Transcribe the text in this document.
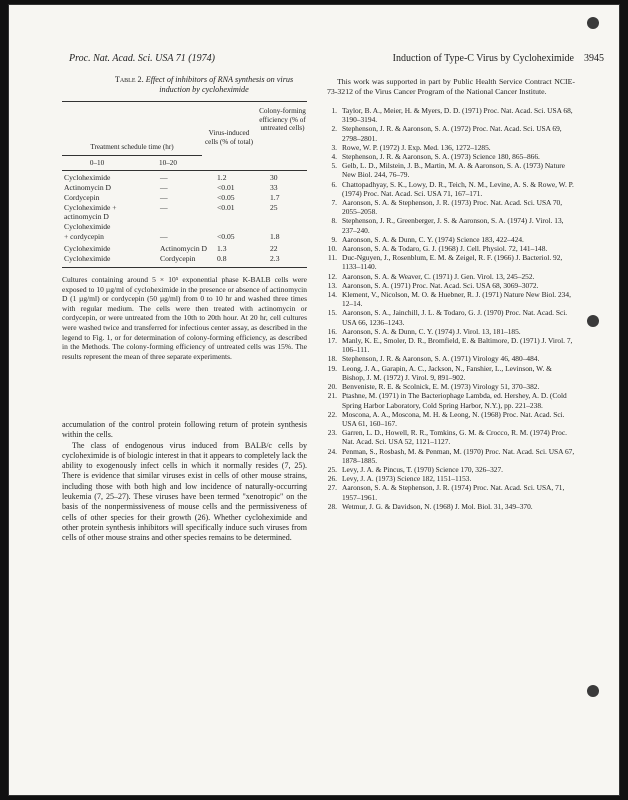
Proc. Nat. Acad. Sci. USA 71 (1974)	Induction of Type-C Virus by Cycloheximide 3945
Table 2. Effect of inhibitors of RNA synthesis on virus induction by cycloheximide
Treatment schedule time (hr)
0–10	10–20
Virus-induced cells (% of total)
Colony-forming efficiency (% of untreated cells)
Cycloheximide	—	1.2	30
Actinomycin D	—	<0.01	33
Cordycepin	—	<0.05	1.7
Cycloheximide +	—	<0.01	25
actinomycin D
Cycloheximide
+ cordycepin	—	<0.05	1.8
Cycloheximide	Actinomycin D 1.3	22
Cycloheximide	Cordycepin	0.8	2.3
Cultures containing around 5 × 10⁵ exponential phase K-BALB cells were exposed to 10 µg/ml of cycloheximide in the presence or absence of actinomycin D (1 µg/ml) or cordycepin (50 µg/ml) from 0 to 10 hr and washed three times with regular medium. The cells were then treated with actinomycin or cordycepin, or were untreated from the 10th to 20th hour. At 20 hr, cell cultures were washed twice and transferred for infectious center assay, as described in the legend to Fig. 1, or for determination of colony-forming efficiency, as described in the Methods. The colony-forming efficiency of untreated cells was 15%. The results represent the mean of three separate experiments.

accumulation of the control protein following return of protein synthesis within the cells.

The class of endogenous virus induced from BALB/c cells by cycloheximide is of biologic interest in that it appears to completely lack the ability to exogenously infect cells in which it normally resides (7, 25). There is evidence that similar viruses exist in cells of other mouse strains, including those with both high and low incidence of naturally-occurring leukemia (7, 25–27). These viruses have been termed "xenotropic" on the basis of the nonpermissiveness of mouse cells and the permissiveness of cells of other species for their growth (26). Whether cycloheximide and other protein synthesis inhibitors will specifically induce such viruses from cells of other mouse strains and other species remains to be determined.

This work was supported in part by Public Health Service Contract NCIE-73-3212 of the Virus Cancer Program of the National Cancer Institute.
1. Taylor, B. A., Meier, H. & Myers, D. D. (1971) Proc. Nat. Acad. Sci. USA 68, 3190–3194.
2. Stephenson, J. R. & Aaronson, S. A. (1972) Proc. Nat. Acad. Sci. USA 69, 2798–2801.
3. Rowe, W. P. (1972) J. Exp. Med. 136, 1272–1285.
4. Stephenson, J. R. & Aaronson, S. A. (1973) Science 180, 865–866.
5. Gelb, L. D., Milstein, J. B., Martin, M. A. & Aaronson, S. A. (1973) Nature New Biol. 244, 76–79.
6. Chattopadhyay, S. K., Lowy, D. R., Teich, N. M., Levine, A. S. & Rowe, W. P. (1974) Proc. Nat. Acad. Sci. USA 71, 167–171.
7. Aaronson, S. A. & Stephenson, J. R. (1973) Proc. Nat. Acad. Sci. USA 70, 2055–2058.
8. Stephenson, J. R., Greenberger, J. S. & Aaronson, S. A. (1974) J. Virol. 13, 237–240.
9. Aaronson, S. A. & Dunn, C. Y. (1974) Science 183, 422–424.
10. Aaronson, S. A. & Todaro, G. J. (1968) J. Cell. Physiol. 72, 141–148.
11. Duc-Nguyen, J., Rosenblum, E. M. & Zeigel, R. F. (1966) J. Bacteriol. 92, 1133–1140.
12. Aaronson, S. A. & Weaver, C. (1971) J. Gen. Virol. 13, 245–252.
13. Aaronson, S. A. (1971) Proc. Nat. Acad. Sci. USA 68, 3069–3072.
14. Klement, V., Nicolson, M. O. & Huebner, R. J. (1971) Nature New Biol. 234, 12–14.
15. Aaronson, S. A., Jainchill, J. L. & Todaro, G. J. (1970) Proc. Nat. Acad. Sci. USA 66, 1236–1243.
16. Aaronson, S. A. & Dunn, C. Y. (1974) J. Virol. 13, 181–185.
17. Manly, K. E., Smoler, D. R., Bromfield, E. & Baltimore, D. (1971) J. Virol. 7, 106–111.
18. Stephenson, J. R. & Aaronson, S. A. (1971) Virology 46, 480–484.
19. Leong, J. A., Garapin, A. C., Jackson, N., Fanshier, L., Levinson, W. & Bishop, J. M. (1972) J. Virol. 9, 891–902.
20. Benveniste, R. E. & Scolnick, E. M. (1973) Virology 51, 370–382.
21. Ptashne, M. (1971) in The Bacteriophage Lambda, ed. Hershey, A. D. (Cold Spring Harbor Laboratory, Cold Spring Harbor, N.Y.), pp. 221–238.
22. Moscona, A. A., Moscona, M. H. & Leong, N. (1968) Proc. Nat. Acad. Sci. USA 61, 160–167.
23. Garren, L. D., Howell, R. R., Tomkins, G. M. & Crocco, R. M. (1974) Proc. Nat. Acad. Sci. USA 52, 1121–1127.
24. Penman, S., Rosbash, M. & Penman, M. (1970) Proc. Nat. Acad. Sci. USA 67, 1878–1885.
25. Levy, J. A. & Pincus, T. (1970) Science 170, 326–327.
26. Levy, J. A. (1973) Science 182, 1151–1153.
27. Aaronson, S. A. & Stephenson, J. R. (1974) Proc. Nat. Acad. Sci. USA, 71, 1957–1961.
28. Wetmur, J. G. & Davidson, N. (1968) J. Mol. Biol. 31, 349–370.
